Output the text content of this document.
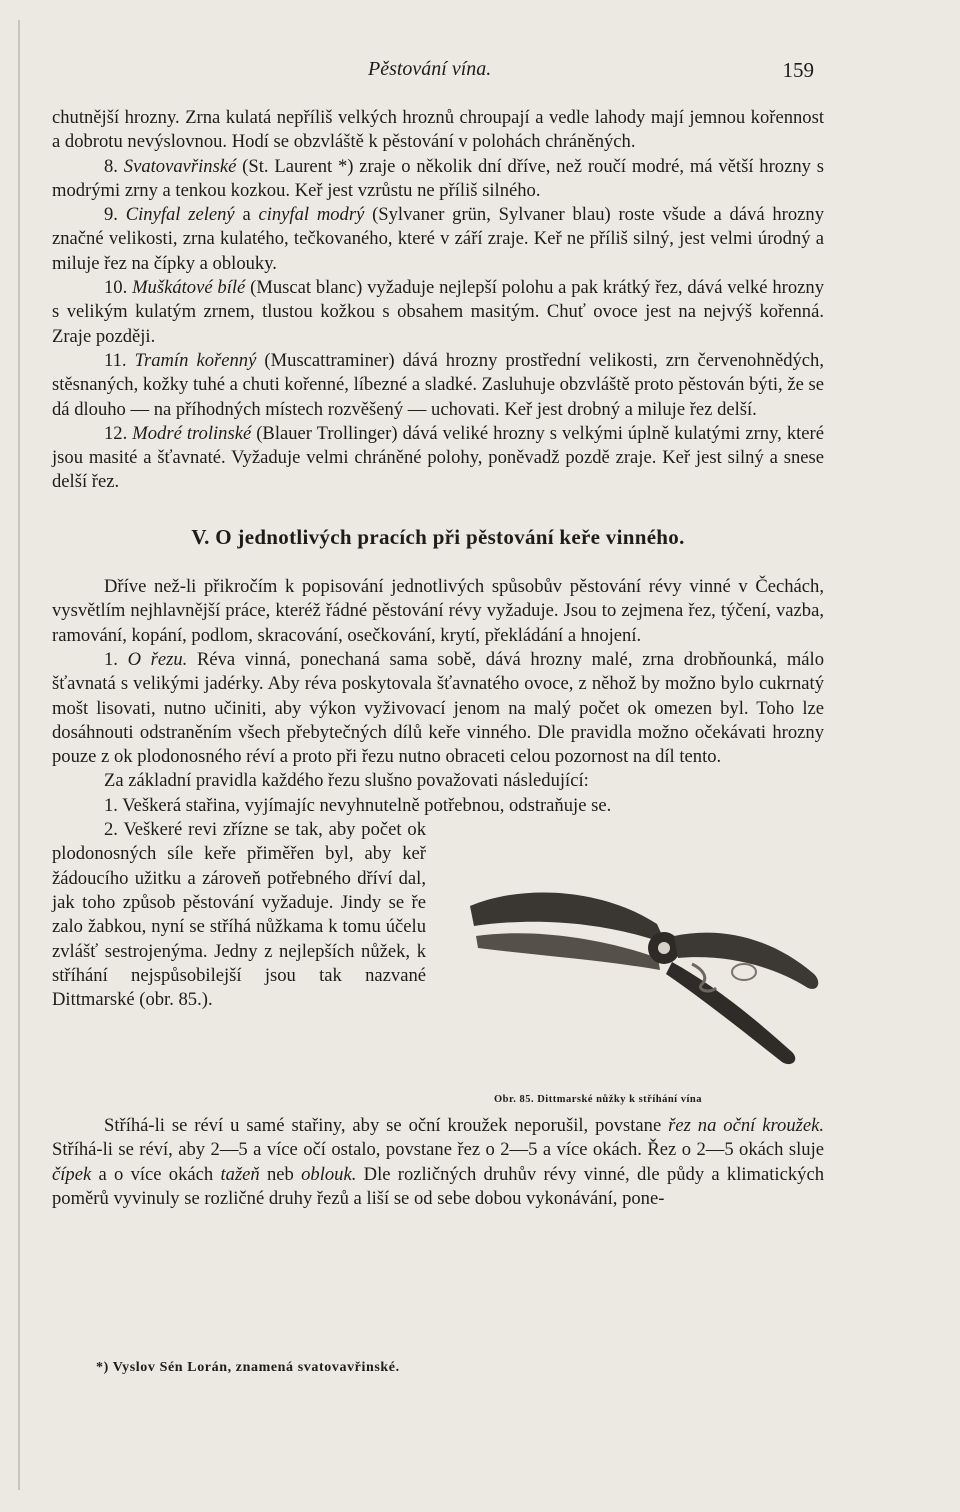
Pěstování vína.	159

chutnější hrozny. Zrna kulatá nepříliš velkých hroznů chroupají a vedle lahody mají jemnou kořennost a dobrotu nevýslovnou. Hodí se obzvláště k pěstování v polohách chráněných.

8. Svatovavřinské (St. Laurent *) zraje o několik dní dříve, než roučí modré, má větší hrozny s modrými zrny a tenkou kozkou. Keř jest vzrůstu ne příliš silného.

9. Cinyfal zelený a cinyfal modrý (Sylvaner grün, Sylvaner blau) roste všude a dává hrozny značné velikosti, zrna kulatého, tečkovaného, které v září zraje. Keř ne příliš silný, jest velmi úrodný a miluje řez na čípky a oblouky.

10. Muškátové bílé (Muscat blanc) vyžaduje nejlepší polohu a pak krátký řez, dává velké hrozny s velikým kulatým zrnem, tlustou kožkou s obsahem masitým. Chuť ovoce jest na nejvýš kořenná. Zraje později.

11. Tramín kořenný (Muscattraminer) dává hrozny prostřední velikosti, zrn červenohnědých, stěsnaných, kožky tuhé a chuti kořenné, líbezné a sladké. Zasluhuje obzvláště proto pěstován býti, že se dá dlouho — na příhodných místech rozvěšený — uchovati. Keř jest drobný a miluje řez delší.

12. Modré trolinské (Blauer Trollinger) dává veliké hrozny s velkými úplně kulatými zrny, které jsou masité a šťavnaté. Vyžaduje velmi chráněné polohy, poněvadž pozdě zraje. Keř jest silný a snese delší řez.

V. O jednotlivých pracích při pěstování keře vinného.

Dříve než-li přikročím k popisování jednotlivých spůsobův pěstování révy vinné v Čechách, vysvětlím nejhlavnější práce, kteréž řádné pěstování révy vyžaduje. Jsou to zejmena řez, týčení, vazba, ramování, kopání, podlom, skracování, osečkování, krytí, překládání a hnojení.

1. O řezu. Réva vinná, ponechaná sama sobě, dává hrozny malé, zrna drobňounká, málo šťavnatá s velikými jadérky. Aby réva poskytovala šťavnatého ovoce, z něhož by možno bylo cukrnatý mošt lisovati, nutno učiniti, aby výkon vyživovací jenom na malý počet ok omezen byl. Toho lze dosáhnouti odstraněním všech přebytečných dílů keře vinného. Dle pravidla možno očekávati hrozny pouze z ok plodonosného réví a proto při řezu nutno obraceti celou pozornost na díl tento.

Za základní pravidla každého řezu slušno považovati následující:

1. Veškerá stařina, vyjímajíc nevyhnutelně potřebnou, odstraňuje se.

2. Veškeré revi zřízne se tak, aby počet ok plodonosných síle keře přiměřen byl, aby keř žádoucího užitku a zároveň potřebného dříví dal, jak toho způsob pěstování vyžaduje. Jindy se ře zalo žabkou, nyní se stříhá nůžkama k tomu účelu zvlášť sestrojenýma. Jedny z nejlepších nůžek, k stříhání nejspůsobilejší jsou tak nazvané Dittmarské (obr. 85.).

Obr. 85. Dittmarské nůžky k stříhání vína

Stříhá-li se réví u samé stařiny, aby se oční kroužek neporušil, povstane řez na oční kroužek. Stříhá-li se réví, aby 2—5 a více očí ostalo, povstane řez o 2—5 a více okách. Řez o 2—5 okách sluje čípek a o více okách tažeň neb oblouk. Dle rozličných druhův révy vinné, dle půdy a klimatických poměrů vyvinuly se rozličné druhy řezů a liší se od sebe dobou vykonávání, pone-

*) Vyslov Sén Lorán, znamená svatovavřinské.
